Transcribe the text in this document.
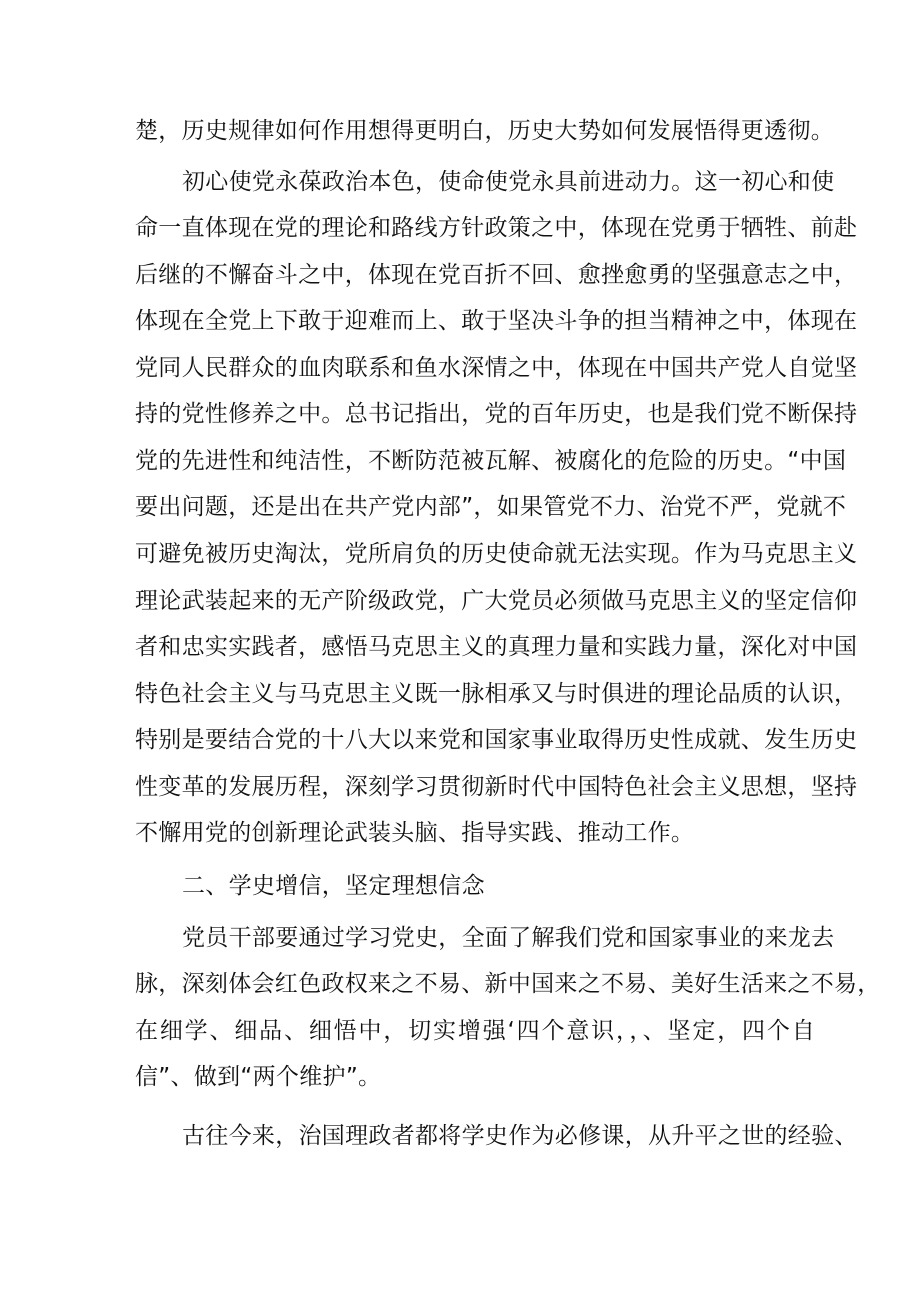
楚，历史规律如何作用想得更明白，历史大势如何发展悟得更透彻。
初心使党永葆政治本色，使命使党永具前进动力。这一初心和使
命一直体现在党的理论和路线方针政策之中，体现在党勇于牺牲、前赴
后继的不懈奋斗之中，体现在党百折不回、愈挫愈勇的坚强意志之中，
体现在全党上下敢于迎难而上、敢于坚决斗争的担当精神之中，体现在
党同人民群众的血肉联系和鱼水深情之中，体现在中国共产党人自觉坚
持的党性修养之中。总书记指出，党的百年历史，也是我们党不断保持
党的先进性和纯洁性，不断防范被瓦解、被腐化的危险的历史。“中国
要出问题，还是出在共产党内部”，如果管党不力、治党不严，党就不
可避免被历史淘汰，党所肩负的历史使命就无法实现。作为马克思主义
理论武装起来的无产阶级政党，广大党员必须做马克思主义的坚定信仰
者和忠实实践者，感悟马克思主义的真理力量和实践力量，深化对中国
特色社会主义与马克思主义既一脉相承又与时俱进的理论品质的认识，
特别是要结合党的十八大以来党和国家事业取得历史性成就、发生历史
性变革的发展历程，深刻学习贯彻新时代中国特色社会主义思想，坚持
不懈用党的创新理论武装头脑、指导实践、推动工作。
二、学史增信，坚定理想信念
党员干部要通过学习党史，全面了解我们党和国家事业的来龙去
脉，深刻体会红色政权来之不易、新中国来之不易、美好生活来之不易，
在细学、细品、细悟中，切实增强‘四个意识，，、坚定，四个自
信”、做到“两个维护”。
古往今来，治国理政者都将学史作为必修课，从升平之世的经验、
